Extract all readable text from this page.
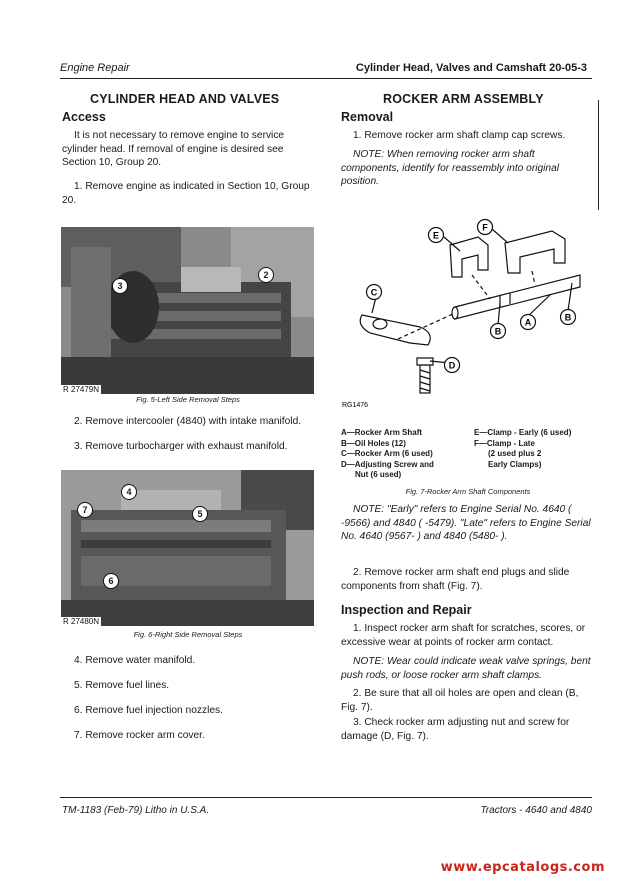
Engine Repair	Cylinder Head, Valves and Camshaft 20-05-3
CYLINDER HEAD AND VALVES
Access
It is not necessary to remove engine to service cylinder head. If removal of engine is desired see Section 10, Group 20.
1. Remove engine as indicated in Section 10, Group 20.
2
3
R 27479N
Fig. 5-Left Side Removal Steps
2. Remove intercooler (4840) with intake manifold.
3. Remove turbocharger with exhaust manifold.
4
5
6
7
R 27480N
Fig. 6-Right Side Removal Steps
4. Remove water manifold.
5. Remove fuel lines.
6. Remove fuel injection nozzles.
7. Remove rocker arm cover.
ROCKER ARM ASSEMBLY
Removal
1. Remove rocker arm shaft clamp cap screws.
NOTE: When removing rocker arm shaft components, identify for reassembly into original position.
E
F
C
A
B
B
D
RG1476
A—Rocker Arm Shaft
B—Oil Holes (12)
C—Rocker Arm (6 used)
D—Adjusting Screw and
Nut (6 used)
E—Clamp - Early (6 used)
F—Clamp - Late
(2 used plus 2
Early Clamps)
Fig. 7-Rocker Arm Shaft Components
NOTE: "Early" refers to Engine Serial No. 4640 ( -9566) and 4840 ( -5479). "Late" refers to Engine Serial No. 4640 (9567- ) and 4840 (5480- ).
2. Remove rocker arm shaft end plugs and slide components from shaft (Fig. 7).
Inspection and Repair
1. Inspect rocker arm shaft for scratches, scores, or excessive wear at points of rocker arm contact.
NOTE: Wear could indicate weak valve springs, bent push rods, or loose rocker arm shaft clamps.
2. Be sure that all oil holes are open and clean (B, Fig. 7).
3. Check rocker arm adjusting nut and screw for damage (D, Fig. 7).
TM-1183 (Feb-79) Litho in U.S.A.	Tractors - 4640 and 4840
www.epcatalogs.com
